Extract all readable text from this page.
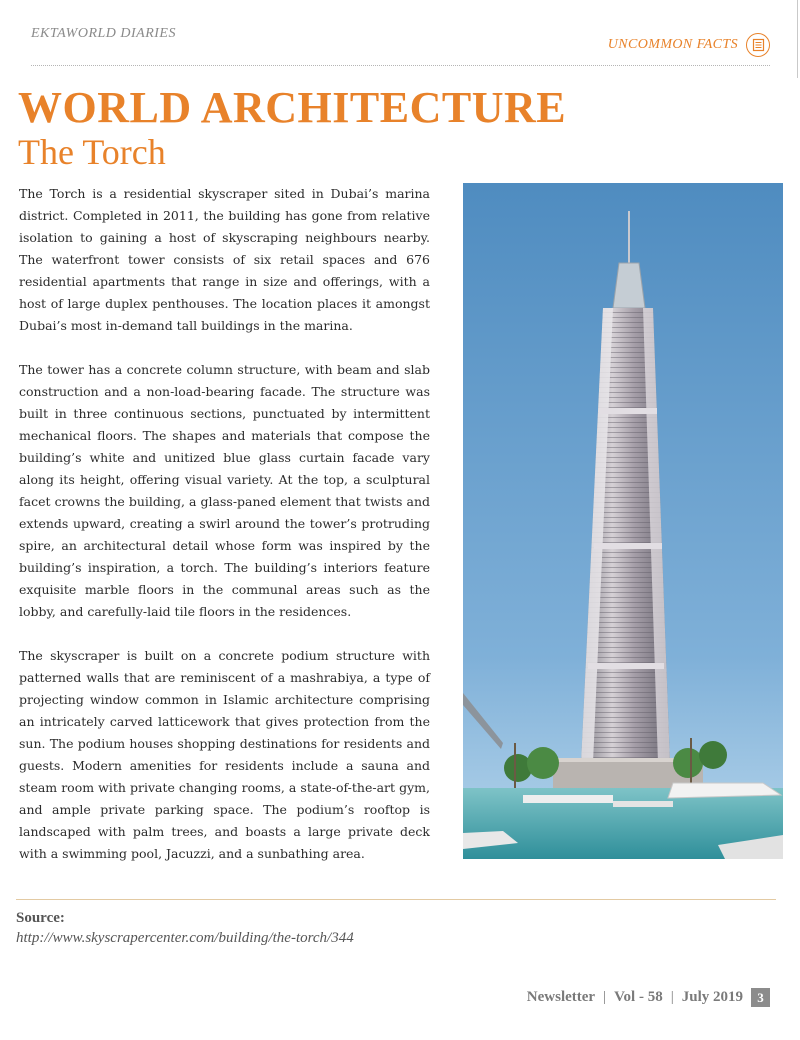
EKTAWORLD DIARIES
UNCOMMON FACTS
WORLD ARCHITECTURE
The Torch

The Torch is a residential skyscraper sited in Dubai’s marina district. Completed in 2011, the building has gone from relative isolation to gaining a host of skyscraping neighbours nearby. The waterfront tower consists of six retail spaces and 676 residential apartments that range in size and offerings, with a host of large duplex penthouses. The location places it amongst Dubai’s most in-demand tall buildings in the marina.

The tower has a concrete column structure, with beam and slab construction and a non-load-bearing facade. The structure was built in three continuous sections, punctuated by intermittent mechanical floors. The shapes and materials that compose the building’s white and unitized blue glass curtain facade vary along its height, offering visual variety. At the top, a sculptural facet crowns the building, a glass-paned element that twists and extends upward, creating a swirl around the tower’s protruding spire, an architectural detail whose form was inspired by the building’s inspiration, a torch. The building’s interiors feature exquisite marble floors in the communal areas such as the lobby, and carefully-laid tile floors in the residences.

The skyscraper is built on a concrete podium structure with patterned walls that are reminiscent of a mashrabiya, a type of projecting window common in Islamic architecture comprising an intricately carved latticework that gives protection from the sun. The podium houses shopping destinations for residents and guests. Modern amenities for residents include a sauna and steam room with private changing rooms, a state-of-the-art gym, and ample private parking space. The podium’s rooftop is landscaped with palm trees, and boasts a large private deck with a swimming pool, Jacuzzi, and a sunbathing area.

Source:
http://www.skyscrapercenter.com/building/the-torch/344
Newsletter | Vol - 58 | July 2019	3
